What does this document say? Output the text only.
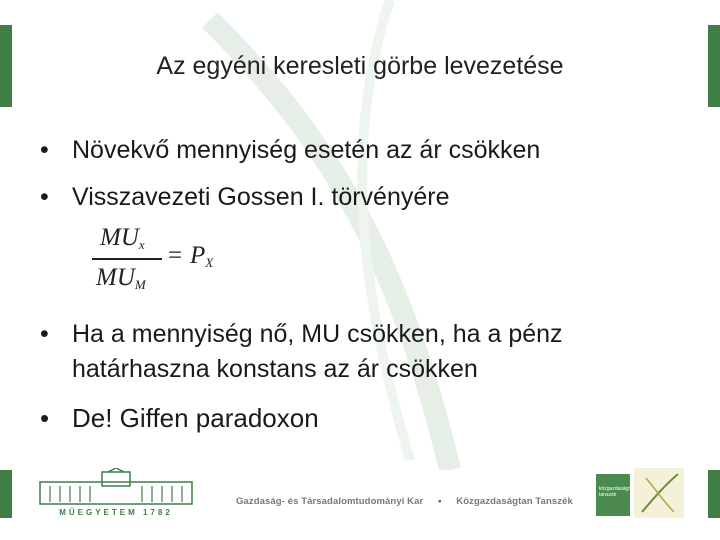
Az egyéni keresleti görbe levezetése
• Növekvő mennyiség esetén az ár csökken
• Visszavezeti Gossen I. törvényére
$MU_x$
$MU_M$
= $P_X$
• Ha a mennyiség nő, MU csökken, ha a pénz határhaszna konstans az ár csökken
• De! Giffen paradoxon
MŰEGYETEM 1782
Gazdaság- és Társadalomtudományi Kar • Közgazdaságtan Tanszék
közgazdaságtan tanszék
